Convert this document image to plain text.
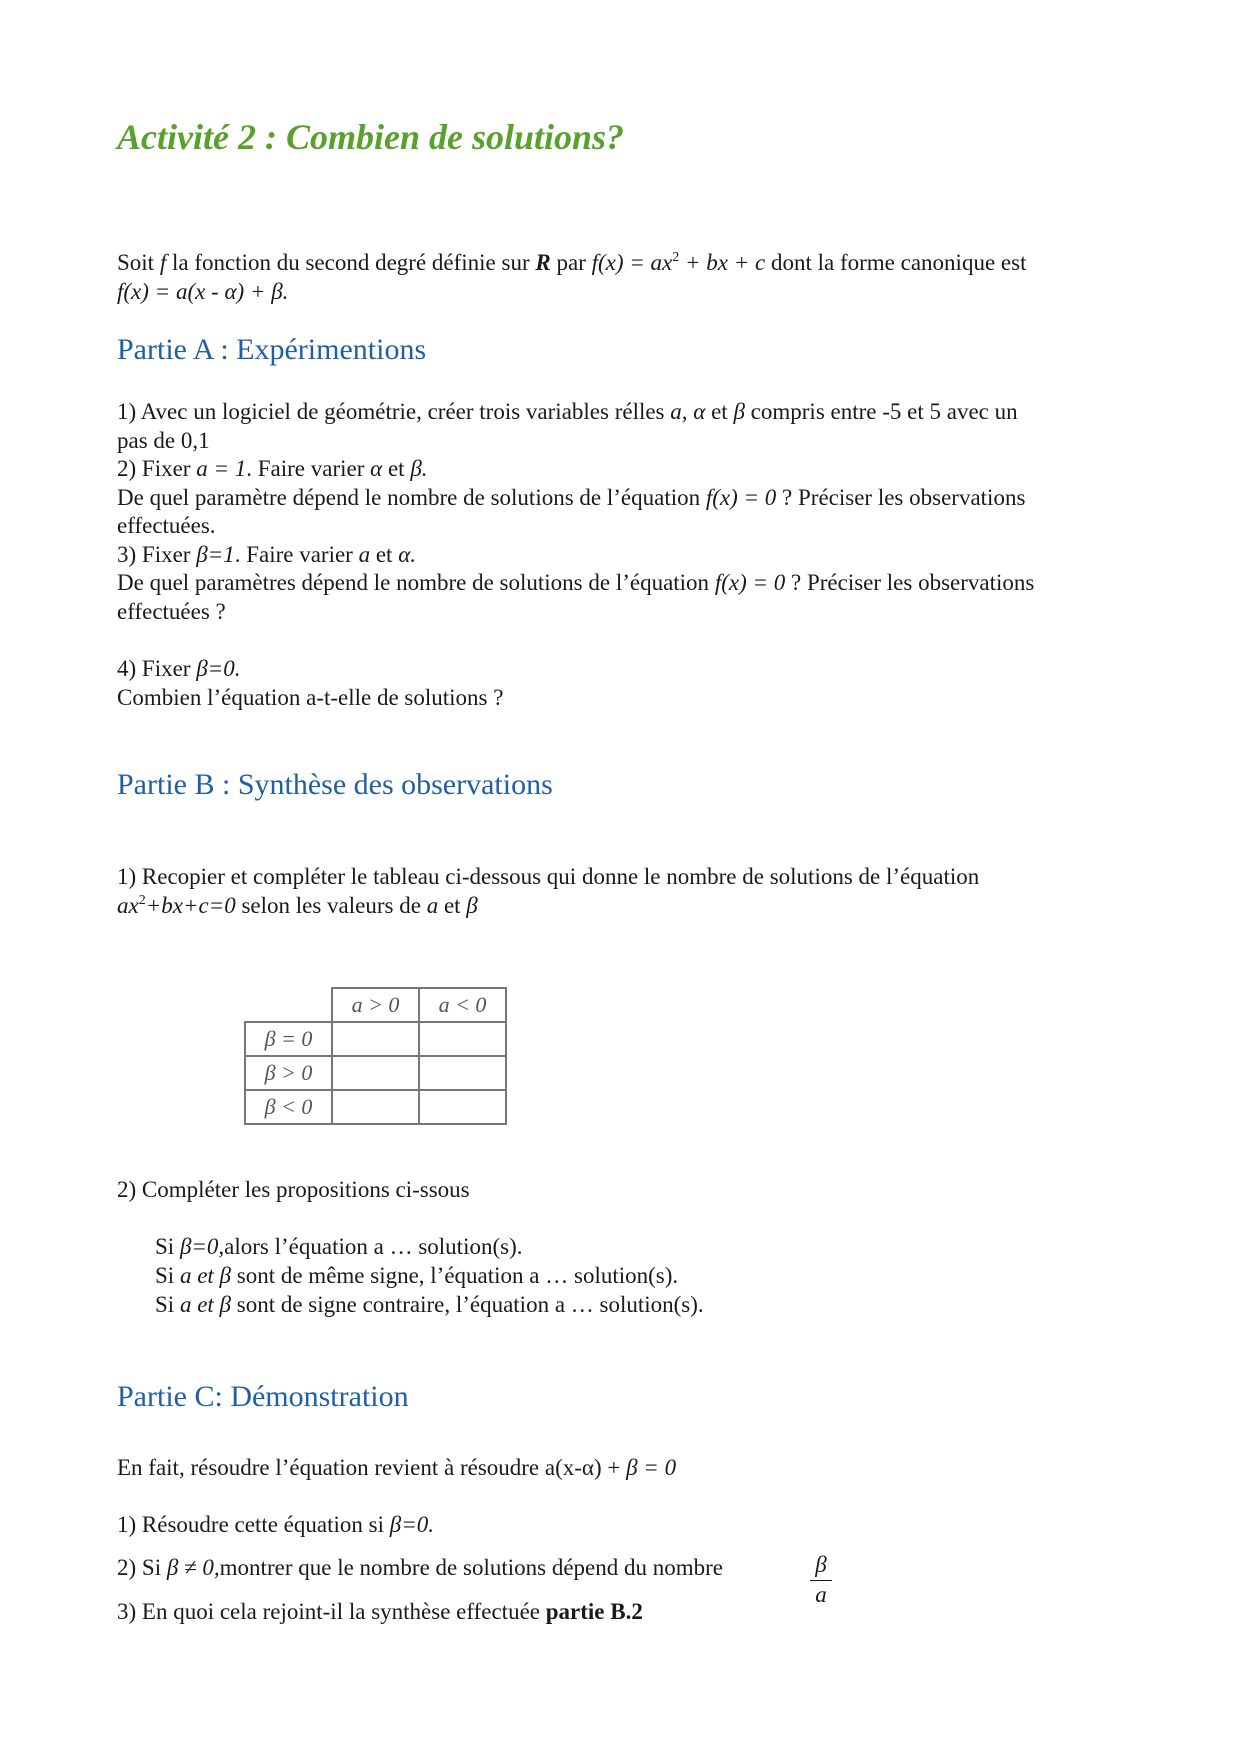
Activité 2 : Combien de solutions?
Soit f la fonction du second degré définie sur R par $f(x) = ax^2$ + bx + c dont la forme canonique est
f(x) = a(x - α) + β.
Partie A : Expérimentions
1) Avec un logiciel de géométrie, créer trois variables rélles a, α et β compris entre -5 et 5 avec un
pas de 0,1
2) Fixer a = 1. Faire varier α et β.
De quel paramètre dépend le nombre de solutions de l’équation f(x) = 0 ? Préciser les observations
effectuées.
3) Fixer β=1. Faire varier a et α.
De quel paramètres dépend le nombre de solutions de l’équation f(x) = 0 ? Préciser les observations
effectuées ?
4) Fixer β=0.
Combien l’équation a-t-elle de solutions ?
Partie B : Synthèse des observations
1) Recopier et compléter le tableau ci-dessous qui donne le nombre de solutions de l’équation
$ax^2+bx+c=0$ selon les valeurs de a et β
	a > 0	a < 0
β = 0		
β > 0		
β < 0		
2) Compléter les propositions ci-ssous
Si β=0,alors l’équation a … solution(s).
Si a et β sont de même signe, l’équation a … solution(s).
Si a et β sont de signe contraire, l’équation a … solution(s).
Partie C: Démonstration
En fait, résoudre l’équation revient à résoudre a(x-α) + β = 0
1) Résoudre cette équation si β=0.
2) Si β ≠ 0,montrer que le nombre de solutions dépend du nombre	$\frac{\beta}{a}$
3) En quoi cela rejoint-il la synthèse effectuée partie B.2
